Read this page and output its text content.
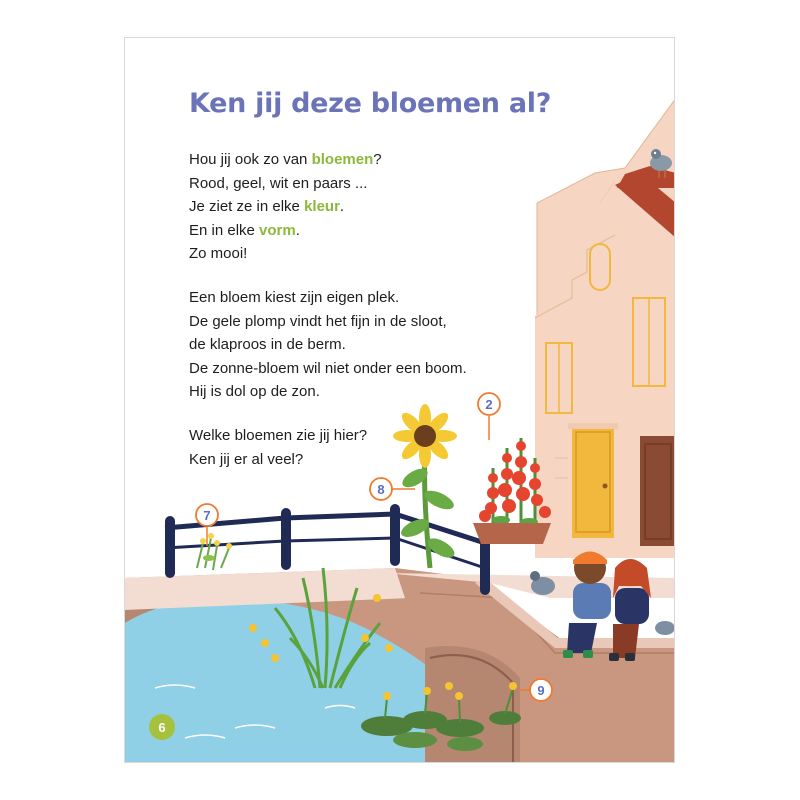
Ken jij deze bloemen al?

Hou jij ook zo van bloemen?
Rood, geel, wit en paars ...
Je ziet ze in elke kleur.
En in elke vorm.
Zo mooi!

Een bloem kiest zijn eigen plek.
De gele plomp vindt het fijn in de sloot,
de klaproos in de berm.
De zonne-bloem wil niet onder een boom.
Hij is dol op de zon.

Welke bloemen zie jij hier?
Ken jij er al veel?

2
7
8
9
6
